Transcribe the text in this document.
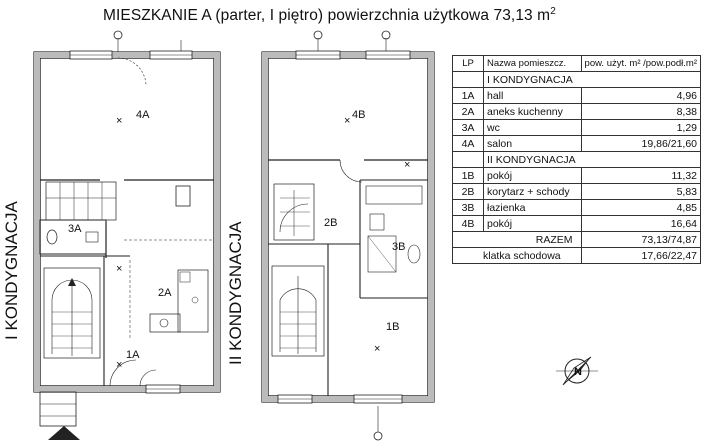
MIESZKANIE A (parter, I piętro) powierzchnia użytkowa 73,13 $m^2$
I KONDYGNACJA	II KONDYGNACJA
×
×
×
×
×
×
4A
3A
2A
1A
4B
2B
3B
1B
N
LP	Nazwa pomieszcz.	pow. użyt. m² /pow.podł.m²
	I KONDYGNACJA	
1A	hall	4,96
2A	aneks kuchenny	8,38
3A	wc	1,29
4A	salon	19,86/21,60
	II KONDYGNACJA	
1B	pokój	11,32
2B	korytarz + schody	5,83
3B	łazienka	4,85
4B	pokój	16,64
RAZEM		73,13/74,87
klatka schodowa		17,66/22,47
